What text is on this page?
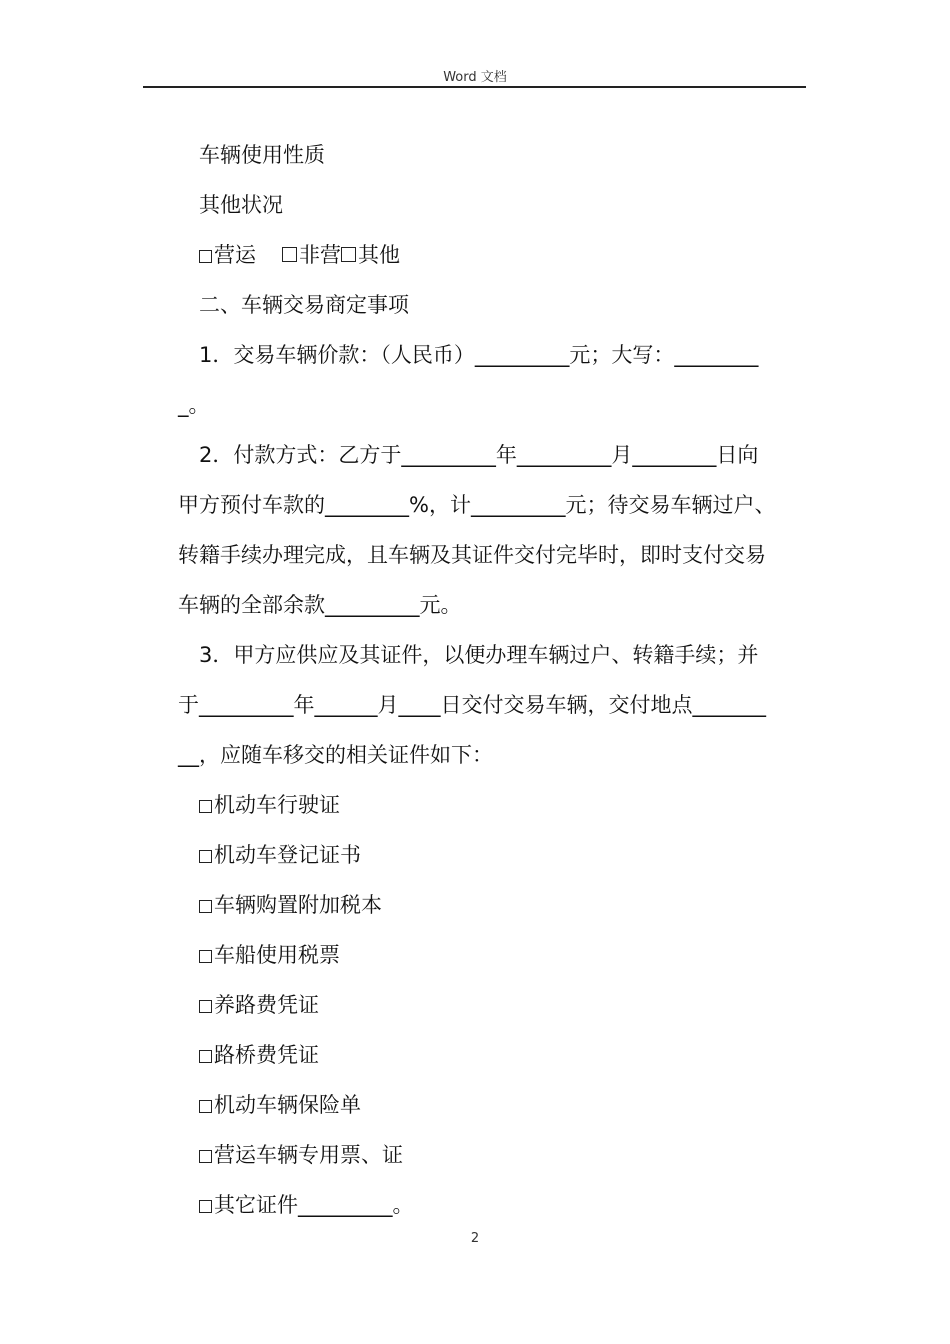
Word 文档
车辆使用性质
其他状况
营运 非营 其他
二、车辆交易商定事项
1．交易车辆价款：（人民币）_________元；大写：________
_。
2．付款方式：乙方于_________年_________月________日向
甲方预付车款的________%，计_________元；待交易车辆过户、
转籍手续办理完成，且车辆及其证件交付完毕时，即时支付交易
车辆的全部余款_________元。
3．甲方应供应及其证件，以便办理车辆过户、转籍手续；并
于_________年______月____日交付交易车辆，交付地点_______
__，应随车移交的相关证件如下：
机动车行驶证
机动车登记证书
车辆购置附加税本
车船使用税票
养路费凭证
路桥费凭证
机动车辆保险单
营运车辆专用票、证
其它证件_________。
2
